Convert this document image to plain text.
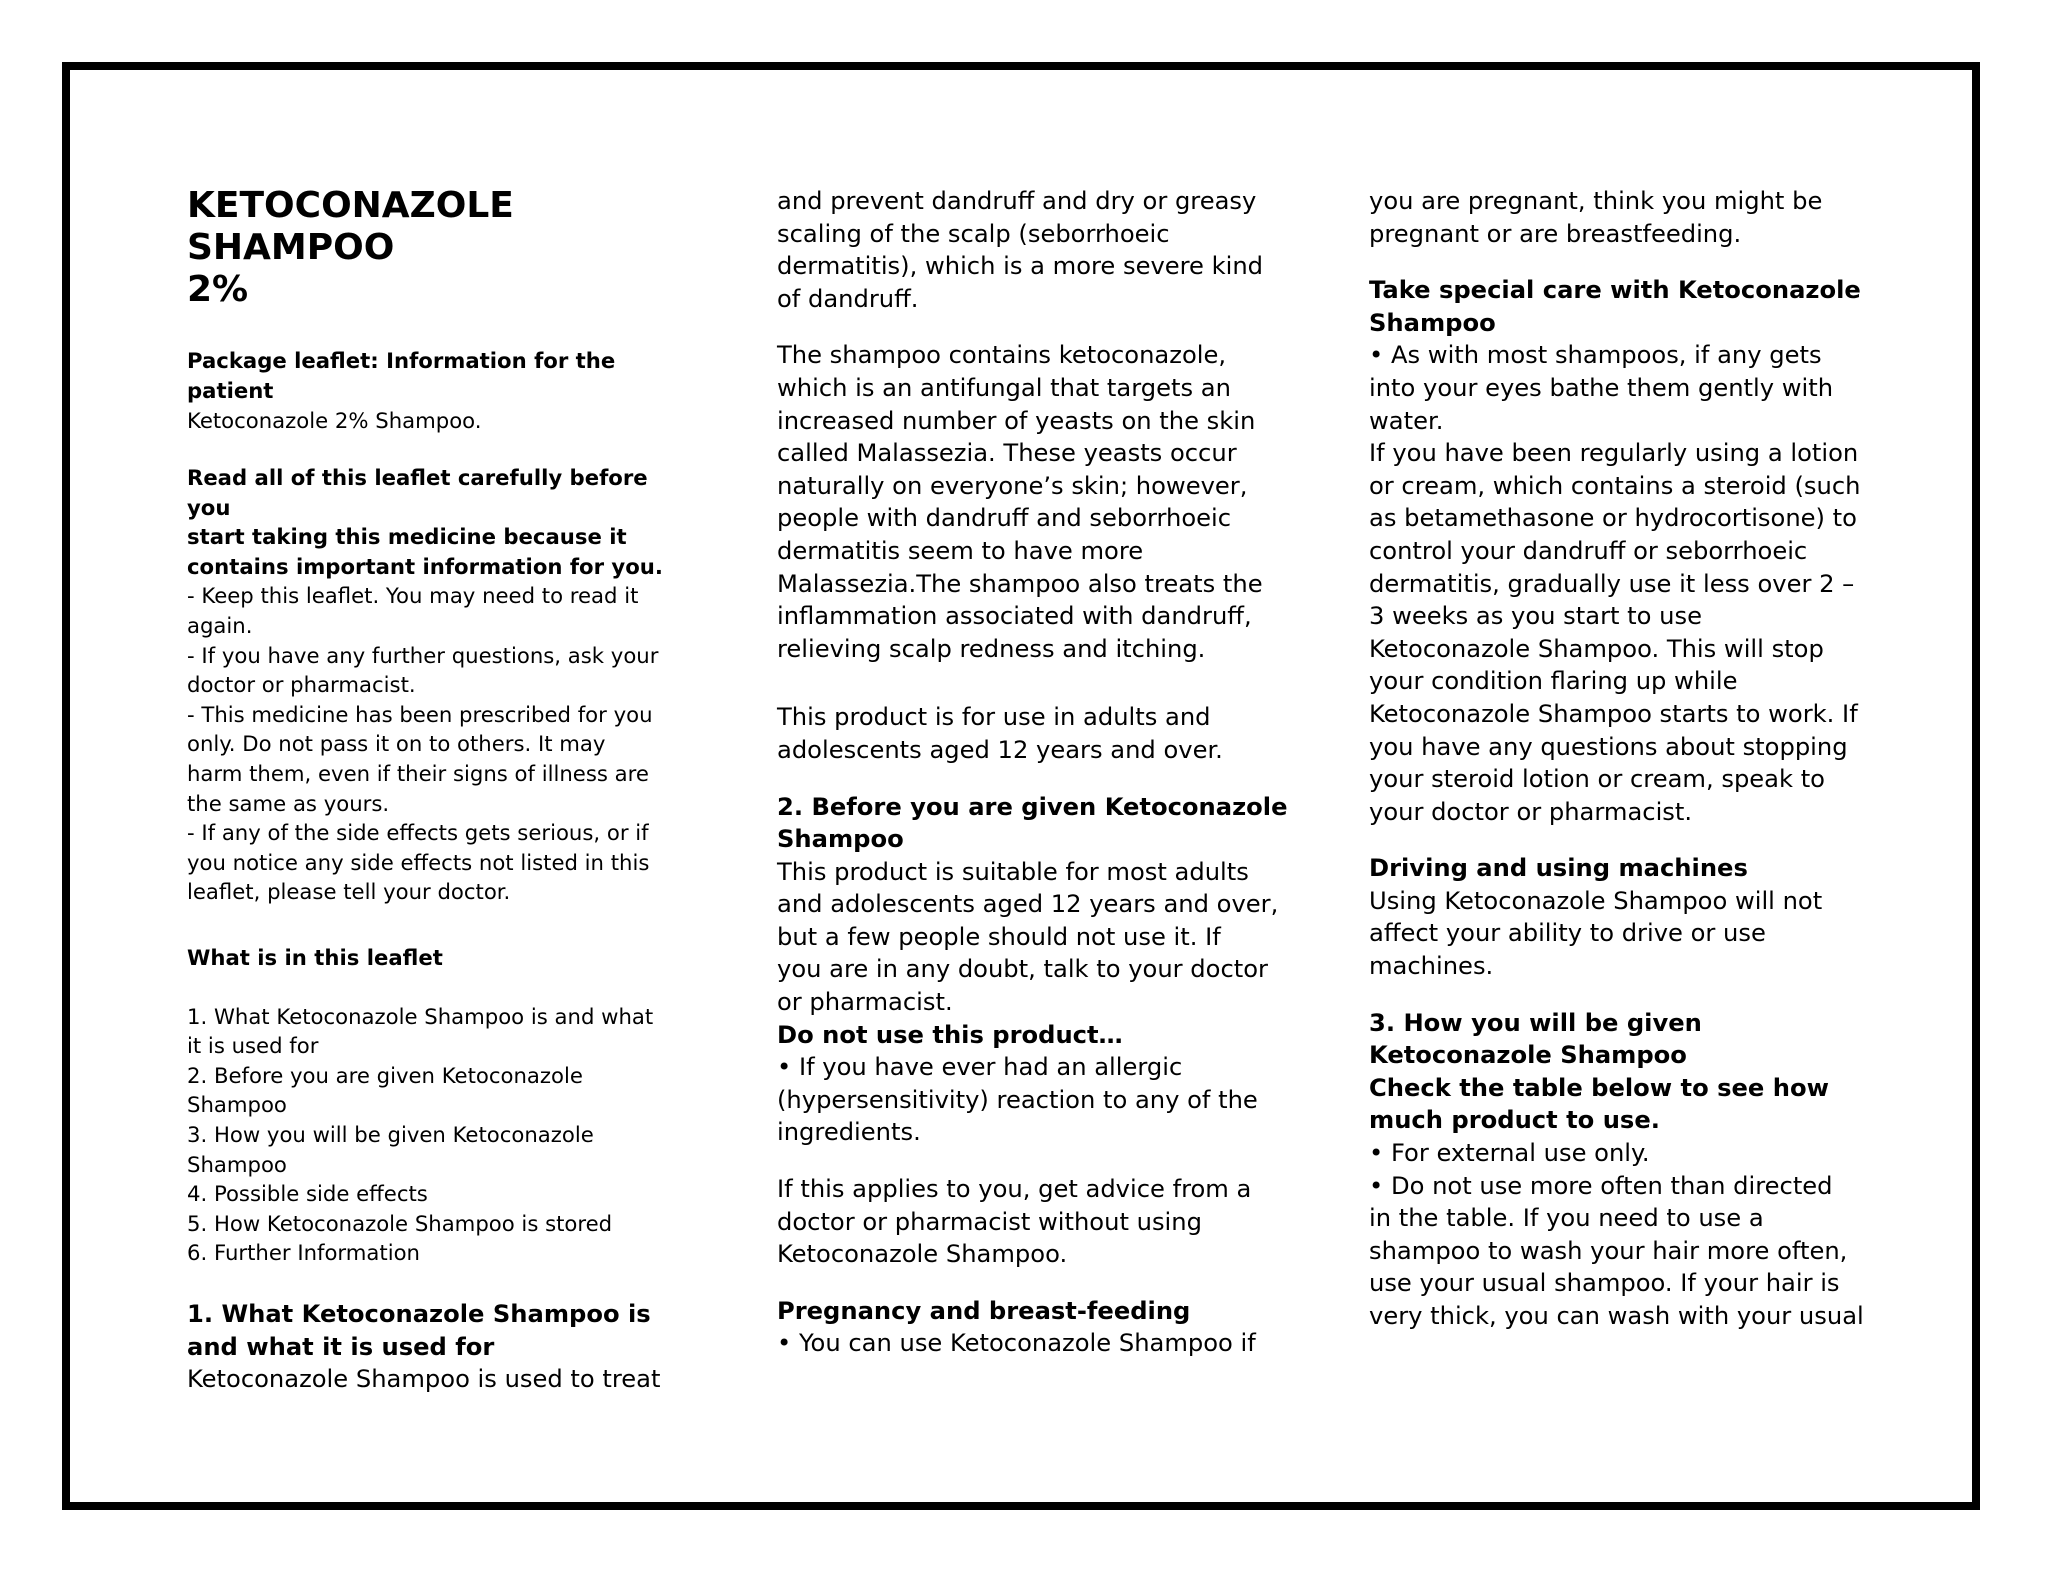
KETOCONAZOLE
SHAMPOO
2%
Package leaflet: Information for the
patient
Ketoconazole 2% Shampoo.
Read all of this leaflet carefully before you
start taking this medicine because it
contains important information for you.
- Keep this leaflet. You may need to read it
again.
- If you have any further questions, ask your
doctor or pharmacist.
- This medicine has been prescribed for you
only. Do not pass it on to others. It may
harm them, even if their signs of illness are
the same as yours.
- If any of the side effects gets serious, or if
you notice any side effects not listed in this
leaflet, please tell your doctor.
What is in this leaflet
1. What Ketoconazole Shampoo is and what
it is used for
2. Before you are given Ketoconazole
Shampoo
3. How you will be given Ketoconazole
Shampoo
4. Possible side effects
5. How Ketoconazole Shampoo is stored
6. Further Information
1. What Ketoconazole Shampoo is
and what it is used for
Ketoconazole Shampoo is used to treat
and prevent dandruff and dry or greasy
scaling of the scalp (seborrhoeic
dermatitis), which is a more severe kind
of dandruff.
The shampoo contains ketoconazole,
which is an antifungal that targets an
increased number of yeasts on the skin
called Malassezia. These yeasts occur
naturally on everyone’s skin; however,
people with dandruff and seborrhoeic
dermatitis seem to have more
Malassezia.The shampoo also treats the
inflammation associated with dandruff,
relieving scalp redness and itching.
This product is for use in adults and
adolescents aged 12 years and over.
2. Before you are given Ketoconazole
Shampoo
This product is suitable for most adults
and adolescents aged 12 years and over,
but a few people should not use it. If
you are in any doubt, talk to your doctor
or pharmacist.
Do not use this product…
• If you have ever had an allergic
(hypersensitivity) reaction to any of the
ingredients.
If this applies to you, get advice from a
doctor or pharmacist without using
Ketoconazole Shampoo.
Pregnancy and breast-feeding
• You can use Ketoconazole Shampoo if
you are pregnant, think you might be
pregnant or are breastfeeding.
Take special care with Ketoconazole
Shampoo
• As with most shampoos, if any gets
into your eyes bathe them gently with
water.
If you have been regularly using a lotion
or cream, which contains a steroid (such
as betamethasone or hydrocortisone) to
control your dandruff or seborrhoeic
dermatitis, gradually use it less over 2 –
3 weeks as you start to use
Ketoconazole Shampoo. This will stop
your condition flaring up while
Ketoconazole Shampoo starts to work. If
you have any questions about stopping
your steroid lotion or cream, speak to
your doctor or pharmacist.
Driving and using machines
Using Ketoconazole Shampoo will not
affect your ability to drive or use
machines.
3. How you will be given
Ketoconazole Shampoo
Check the table below to see how
much product to use.
• For external use only.
• Do not use more often than directed
in the table. If you need to use a
shampoo to wash your hair more often,
use your usual shampoo. If your hair is
very thick, you can wash with your usual
